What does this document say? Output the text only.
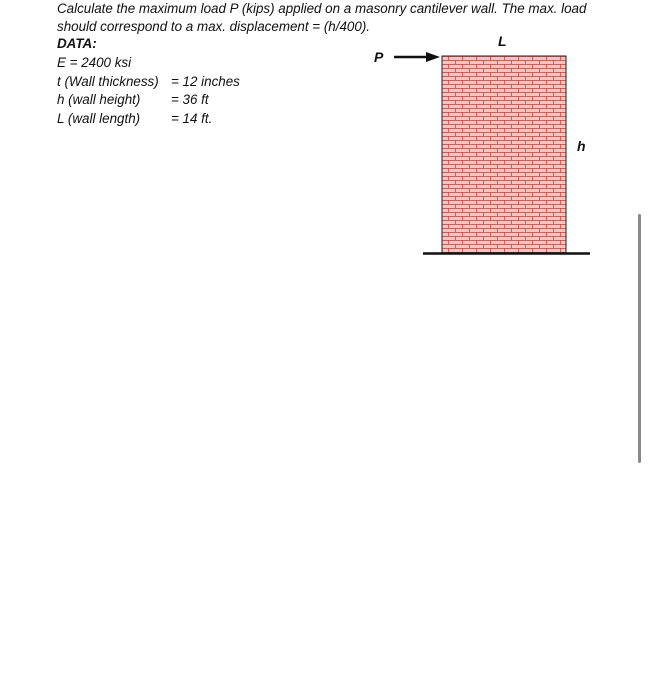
Calculate the maximum load P (kips) applied on a masonry cantilever wall. The max. load should correspond to a max. displacement = (h/400).
DATA:
E = 2400 ksi
t (Wall thickness) = 12 inches
h (wall height)	= 36 ft
L (wall length)	= 14 ft.
P
L
h
